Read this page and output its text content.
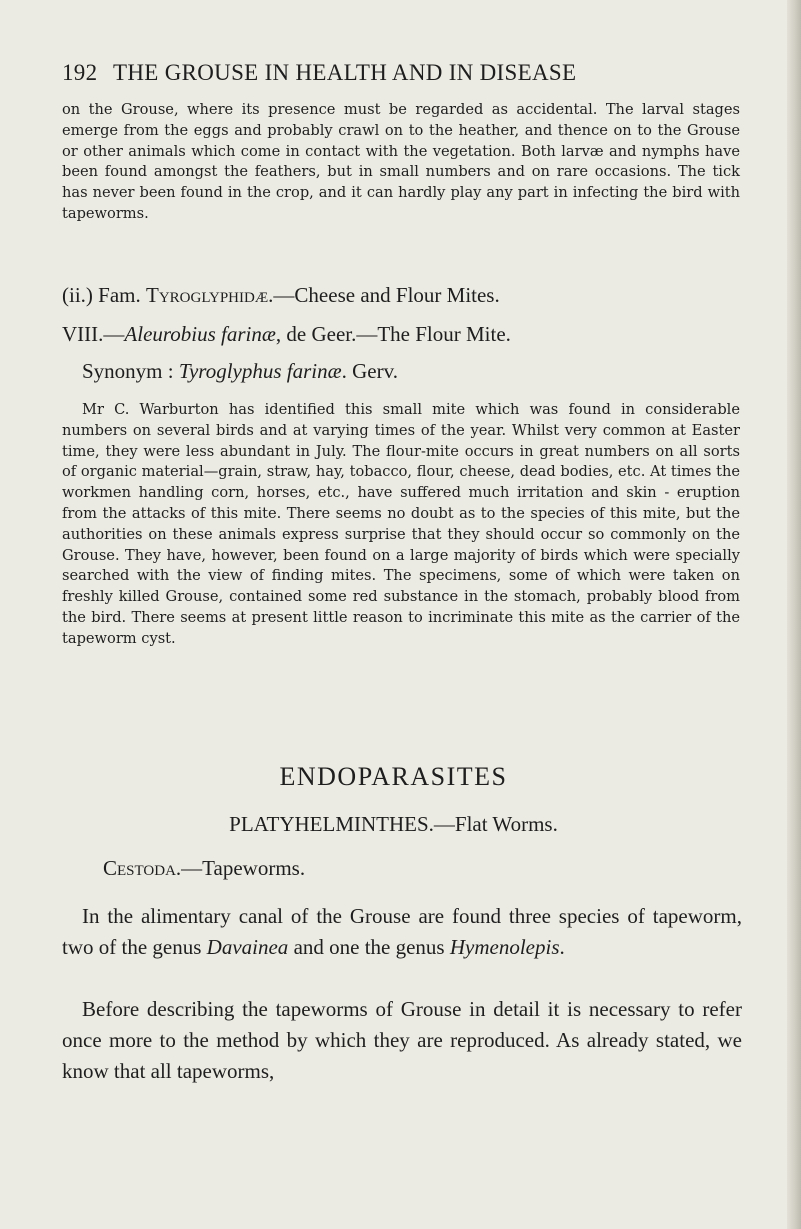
192 THE GROUSE IN HEALTH AND IN DISEASE
on the Grouse, where its presence must be regarded as accidental. The larval stages emerge from the eggs and probably crawl on to the heather, and thence on to the Grouse or other animals which come in contact with the vegetation. Both larvæ and nymphs have been found amongst the feathers, but in small numbers and on rare occasions. The tick has never been found in the crop, and it can hardly play any part in infecting the bird with tapeworms.
(ii.) Fam. Tyroglyphidæ.—Cheese and Flour Mites.
VIII.—Aleurobius farinæ, de Geer.—The Flour Mite.
Synonym : Tyroglyphus farinæ. Gerv.
Mr C. Warburton has identified this small mite which was found in considerable numbers on several birds and at varying times of the year. Whilst very common at Easter time, they were less abundant in July. The flour-mite occurs in great numbers on all sorts of organic material—grain, straw, hay, tobacco, flour, cheese, dead bodies, etc. At times the workmen handling corn, horses, etc., have suffered much irritation and skin - eruption from the attacks of this mite. There seems no doubt as to the species of this mite, but the authorities on these animals express surprise that they should occur so commonly on the Grouse. They have, however, been found on a large majority of birds which were specially searched with the view of finding mites. The specimens, some of which were taken on freshly killed Grouse, contained some red substance in the stomach, probably blood from the bird. There seems at present little reason to incriminate this mite as the carrier of the tapeworm cyst.
ENDOPARASITES
PLATYHELMINTHES.—Flat Worms.
Cestoda.—Tapeworms.
In the alimentary canal of the Grouse are found three species of tapeworm, two of the genus Davainea and one the genus Hymenolepis.
Before describing the tapeworms of Grouse in detail it is necessary to refer once more to the method by which they are reproduced. As already stated, we know that all tapeworms,
